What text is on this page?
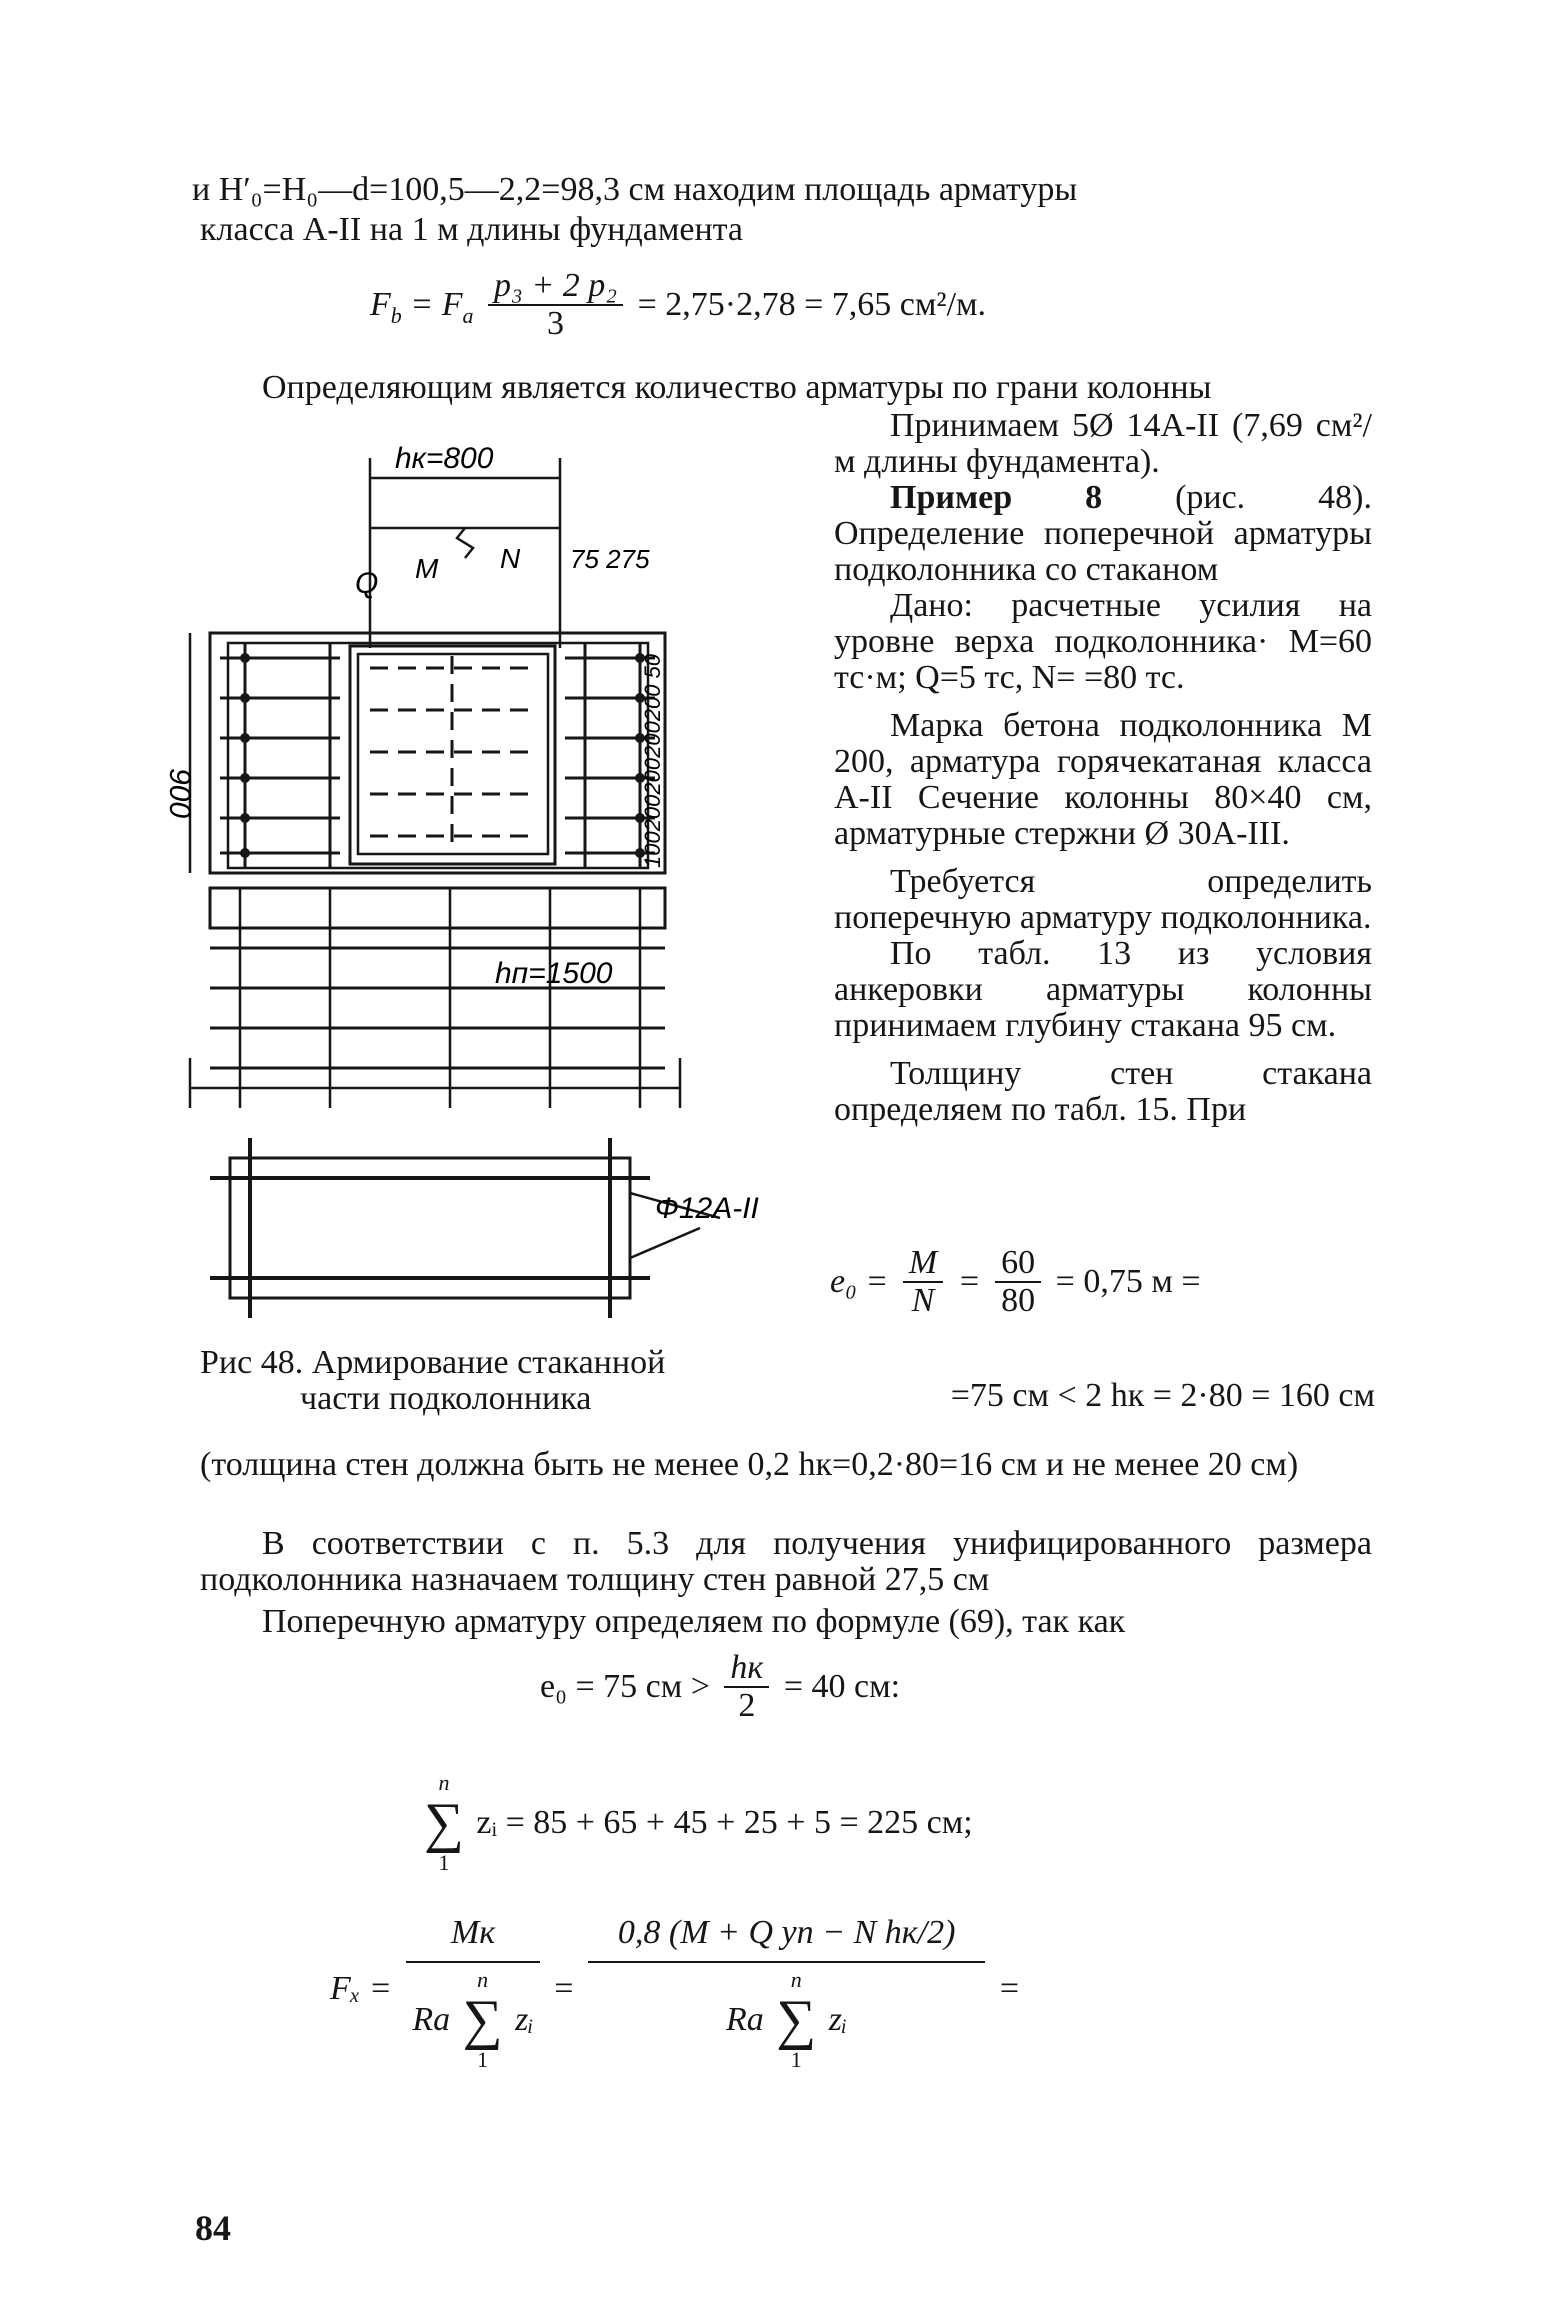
и H′₀=H₀—d=100,5—2,2=98,3 см находим площадь арматуры
класса А-II на 1 м длины фундамента
$F_b = F_а \frac{\text{p₃ + 2 p₂}}{3} = 2,75\cdot 2,78 = 7,65$ см²/м.
Определяющим является количество арматуры по грани колонны

Принимаем 5Ø 14А-II (7,69 см²/м длины фундамента).

Пример 8 (рис. 48). Определение поперечной арматуры подколонника со стаканом

Дано: расчетные усилия на уровне верха подколонника· М=60 тс·м; Q=5 тс, N= =80 тс.

Марка бетона подколонника М 200, арматура горячекатаная класса А-II Сечение колонны 80×40 см, арматурные стержни Ø 30А-III.

Требуется определить поперечную арматуру подколонника.

По табл. 13 из условия анкеровки арматуры колонны принимаем глубину стакана 95 см.

Толщину стен стакана определяем по табл. 15. При

hк=800
75 275
Q M N
900	100200200200200 50
hп=1500
Ф12А-II
$e_0 = \frac{M}{N} = \frac{60}{80} = 0,75$ м =
Рис 48. Армирование стаканной
части подколонника	=75 см < 2 hк = 2·80 = 160 см
(толщина стен должна быть не менее 0,2 hк=0,2·80=16 см и не менее 20 см)
В соответствии с п. 5.3 для получения унифицированного размера подколонника назначаем толщину стен равной 27,5 см
Поперечную арматуру определяем по формуле (69), так как
e₀ = 75 см > $\frac{hк}{2} = 40$ см:
n
∑
1
zᵢ = 85 + 65 + 45 + 25 + 5 = 225 см;
Fₓ = Mк
Rа
n
∑
1
zᵢ = 0,8 (M + Q yп − N hк/2)
Rа
n
∑
1
zᵢ =
84
